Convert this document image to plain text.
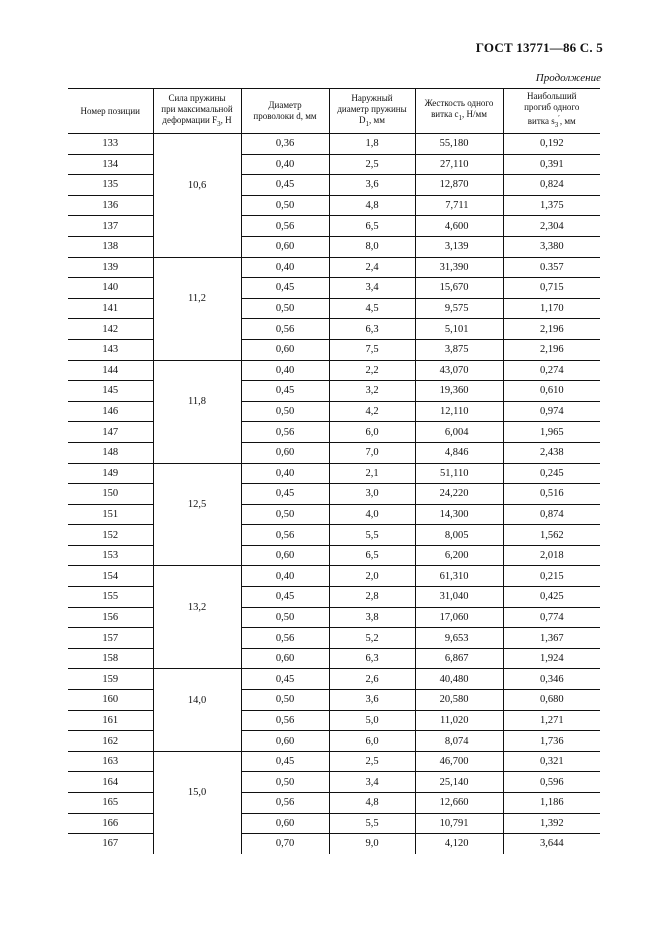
ГОСТ 13771—86 С. 5
Продолжение
Номер позиции	Сила пружины
при максимальной
деформации $F_3$, Н	Диаметр
проволоки d, мм	Наружный
диаметр пружины
$D_1$, мм	Жесткость одного
витка $c_1$, Н/мм	Наибольший
прогиб одного
витка $s_3'$, мм
133	10,6	0,36	1,8	55,180	0,192
134		0,40	2,5	27,110	0,391
135		0,45	3,6	12,870	0,824
136		0,50	4,8	7,711	1,375
137		0,56	6,5	4,600	2,304
138		0,60	8,0	3,139	3,380
139	11,2	0,40	2,4	31,390	0.357
140		0,45	3,4	15,670	0,715
141		0,50	4,5	9,575	1,170
142		0,56	6,3	5,101	2,196
143		0,60	7,5	3,875	2,196
144	11,8	0,40	2,2	43,070	0,274
145		0,45	3,2	19,360	0,610
146		0,50	4,2	12,110	0,974
147		0,56	6,0	6,004	1,965
148		0,60	7,0	4,846	2,438
149	12,5	0,40	2,1	51,110	0,245
150		0,45	3,0	24,220	0,516
151		0,50	4,0	14,300	0,874
152		0,56	5,5	8,005	1,562
153		0,60	6,5	6,200	2,018
154	13,2	0,40	2,0	61,310	0,215
155		0,45	2,8	31,040	0,425
156		0,50	3,8	17,060	0,774
157		0,56	5,2	9,653	1,367
158		0,60	6,3	6,867	1,924
159	14,0	0,45	2,6	40,480	0,346
160		0,50	3,6	20,580	0,680
161		0,56	5,0	11,020	1,271
162		0,60	6,0	8,074	1,736
163	15,0	0,45	2,5	46,700	0,321
164		0,50	3,4	25,140	0,596
165		0,56	4,8	12,660	1,186
166		0,60	5,5	10,791	1,392
167		0,70	9,0	4,120	3,644
